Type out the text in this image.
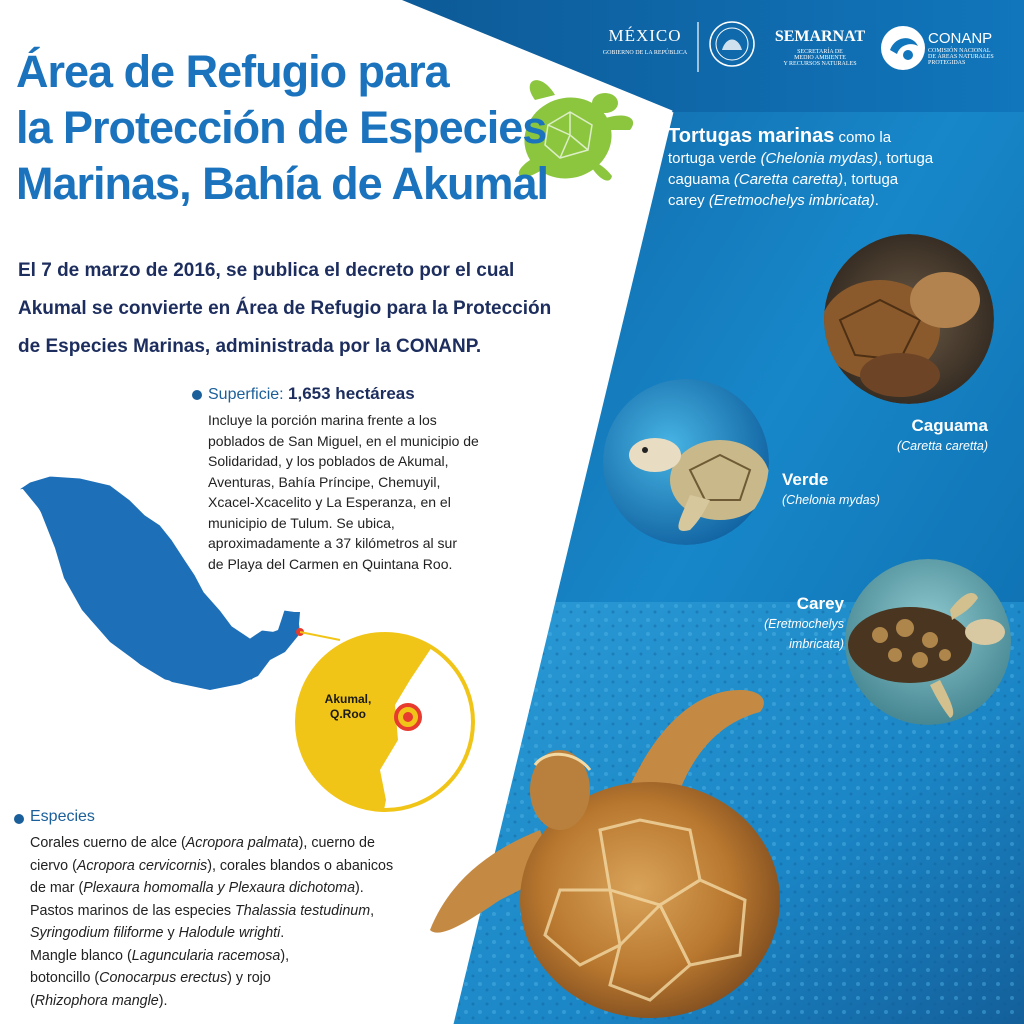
MÉXICO
GOBIERNO DE LA REPÚBLICA
SEMARNAT
SECRETARÍA DE
MEDIO AMBIENTE
Y RECURSOS NATURALES
CONANP
COMISIÓN NACIONAL
DE ÁREAS NATURALES
PROTEGIDAS
Área de Refugio para
la Protección de Especies
Marinas, Bahía de Akumal

El 7 de marzo de 2016, se publica el decreto por el cual
Akumal se convierte en Área de Refugio para la Protección
de Especies Marinas, administrada por la CONANP.

Superficie: 1,653 hectáreas
Incluye la porción marina frente a los
poblados de San Miguel, en el municipio de
Solidaridad, y los poblados de Akumal,
Aventuras, Bahía Príncipe, Chemuyil,
Xcacel-Xcacelito y La Esperanza, en el
municipio de Tulum. Se ubica,
aproximadamente a 37 kilómetros al sur
de Playa del Carmen en Quintana Roo.
Akumal,
Q.Roo
Especies
Corales cuerno de alce (Acropora palmata), cuerno de
ciervo (Acropora cervicornis), corales blandos o abanicos
de mar (Plexaura homomalla y Plexaura dichotoma).
Pastos marinos de las especies Thalassia testudinum,
Syringodium filiforme y Halodule wrighti.
Mangle blanco (Laguncularia racemosa),
botoncillo (Conocarpus erectus) y rojo
(Rhizophora mangle).
Tortugas marinas como la
tortuga verde (Chelonia mydas), tortuga
caguama (Caretta caretta), tortuga
carey (Eretmochelys imbricata).
Caguama
(Caretta caretta)
Verde
(Chelonia mydas)
Carey
(Eretmochelys
imbricata)
